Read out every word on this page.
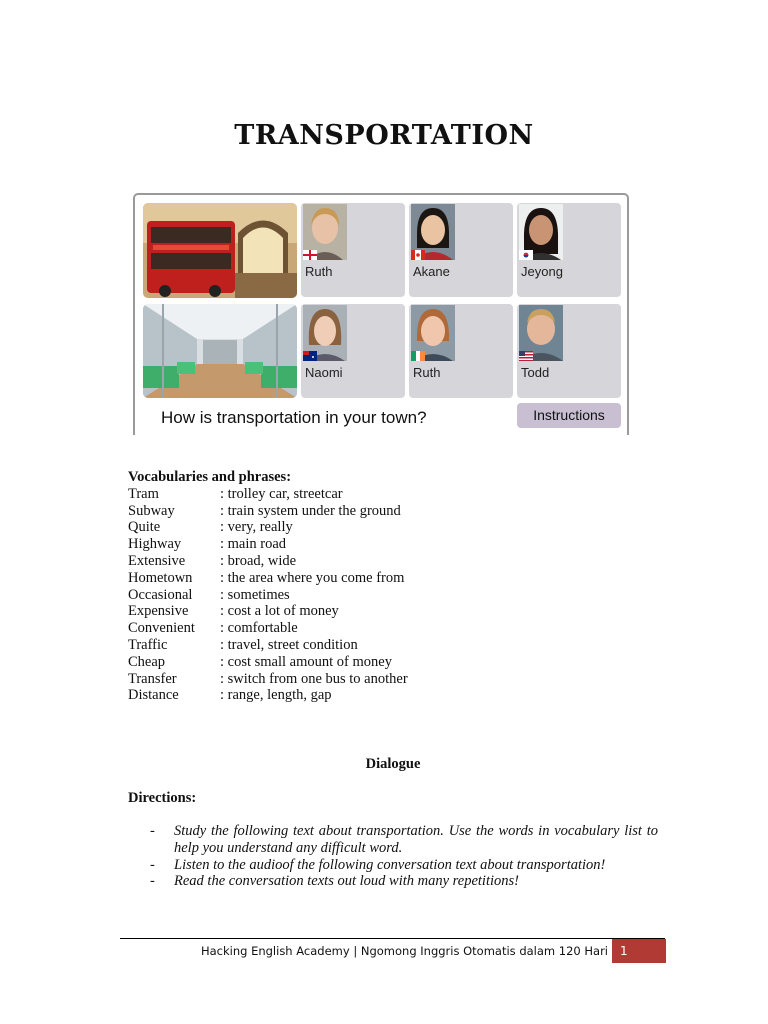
TRANSPORTATION
Ruth	Akane	Jeyong
Naomi	Ruth	Todd
How is transportation in your town?	Instructions
Vocabularies and phrases:
Tram	: trolley car, streetcar
Subway	: train system under the ground
Quite	: very, really
Highway	: main road
Extensive	: broad, wide
Hometown	: the area where you come from
Occasional	: sometimes
Expensive	: cost a lot of money
Convenient	: comfortable
Traffic	: travel, street condition
Cheap	: cost small amount of money
Transfer	: switch from one bus to another
Distance	: range, length, gap
Dialogue
Directions:
-	Study the following text about transportation. Use the words in vocabulary list to help you understand any difficult word.
-	Listen to the audioof the following conversation text about transportation!
-	Read the conversation texts out loud with many repetitions!
Hacking English Academy | Ngomong Inggris Otomatis dalam 120 Hari	1
